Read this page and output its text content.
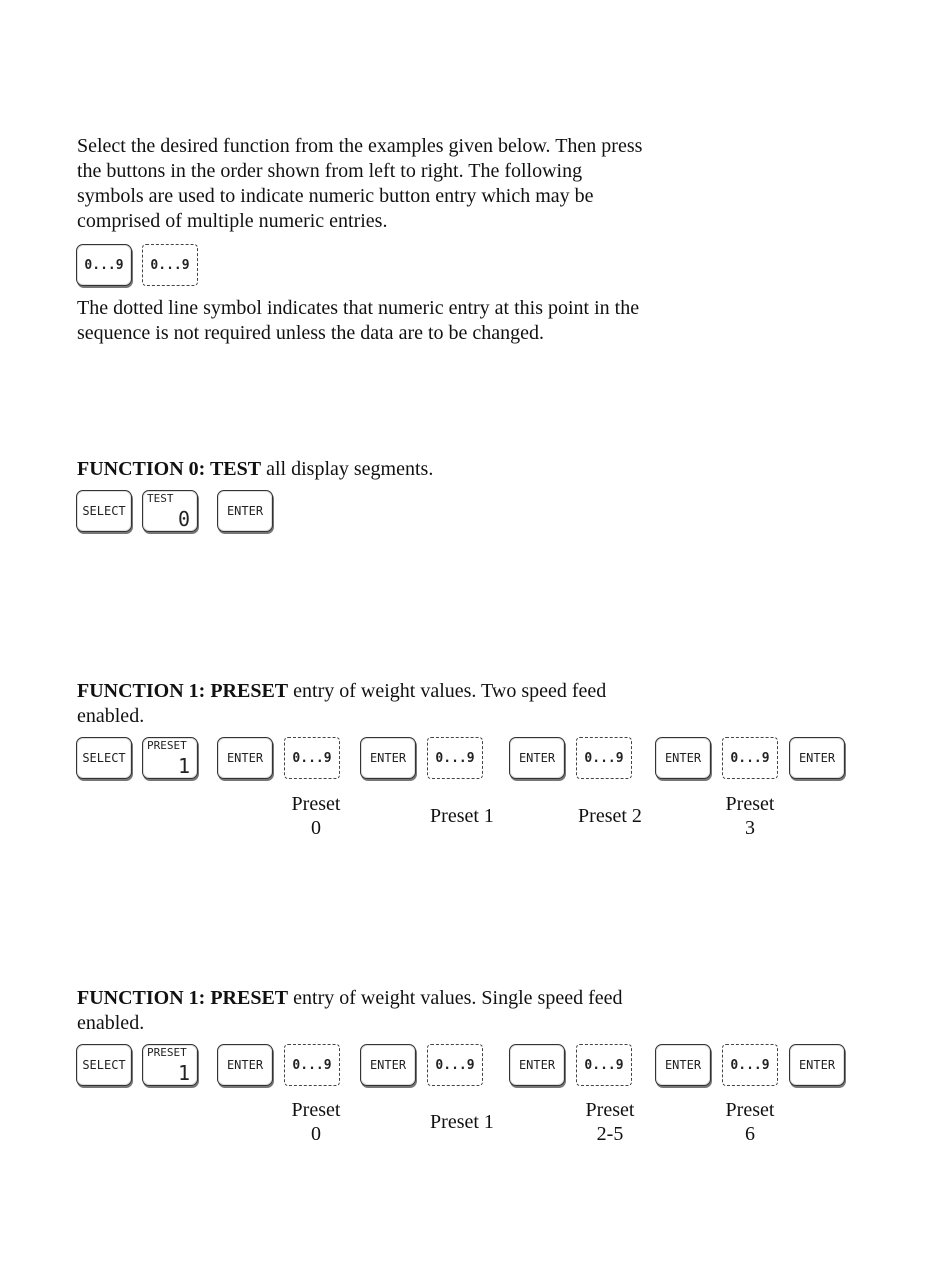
Select the desired function from the examples given below. Then press
the buttons in the order shown from left to right. The following
symbols are used to indicate numeric button entry which may be
comprised of multiple numeric entries.

0...9	0...9

The dotted line symbol indicates that numeric entry at this point in the
sequence is not required unless the data are to be changed.

FUNCTION 0: TEST all display segments.

SELECT
TEST
0	ENTER

FUNCTION 1: PRESET entry of weight values. Two speed feed
enabled.

SELECT
PRESET
1	ENTER	0...9	ENTER	0...9	ENTER	0...9	ENTER	0...9	ENTER
Preset
0
Preset 1	Preset 2
Preset
3

FUNCTION 1: PRESET entry of weight values. Single speed feed
enabled.

SELECT
PRESET
1	ENTER	0...9	ENTER	0...9	ENTER	0...9	ENTER	0...9	ENTER
Preset
0
Preset 1
Preset
2-5
Preset
6
